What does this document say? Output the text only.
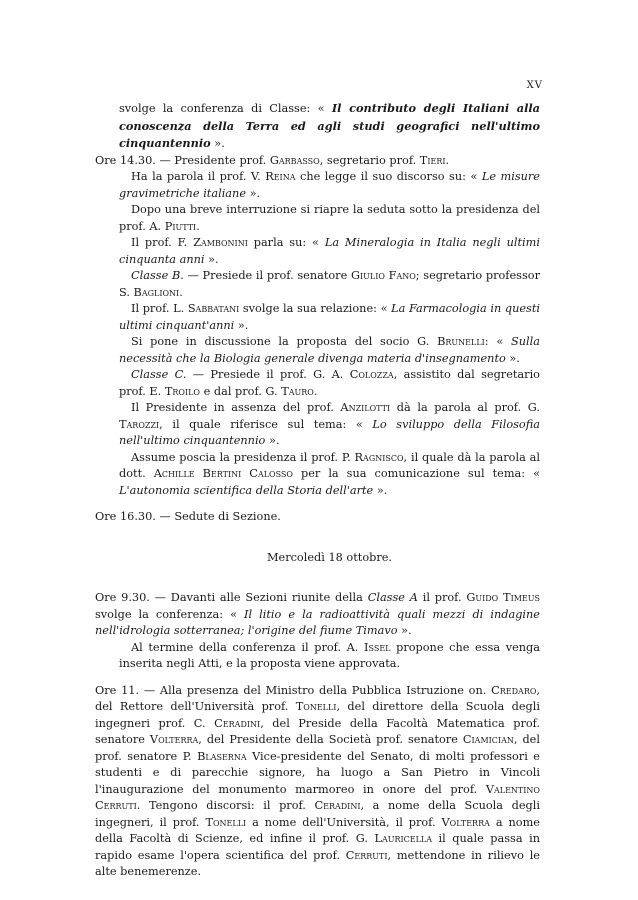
XV

svolge la conferenza di Classe: « Il contributo degli Italiani alla conoscenza della Terra ed agli studi geografici nell'ultimo cinquantennio ».

Ore 14.30. — Presidente prof. Garbasso, segretario prof. Tieri.

Ha la parola il prof. V. Reina che legge il suo discorso su: « Le misure gravimetriche italiane ».

Dopo una breve interruzione si riapre la seduta sotto la presidenza del prof. A. Piutti.

Il prof. F. Zambonini parla su: « La Mineralogia in Italia negli ultimi cinquanta anni ».

Classe B. — Presiede il prof. senatore Giulio Fano; segretario professor S. Baglioni.

Il prof. L. Sabbatani svolge la sua relazione: « La Farmacologia in questi ultimi cinquant'anni ».

Si pone in discussione la proposta del socio G. Brunelli: « Sulla necessità che la Biologia generale divenga materia d'insegnamento ».

Classe C. — Presiede il prof. G. A. Colozza, assistito dal segretario prof. E. Troilo e dal prof. G. Tauro.

Il Presidente in assenza del prof. Anzilotti dà la parola al prof. G. Tarozzi, il quale riferisce sul tema: « Lo sviluppo della Filosofia nell'ultimo cinquantennio ».

Assume poscia la presidenza il prof. P. Ragnisco, il quale dà la parola al dott. Achille Bertini Calosso per la sua comunicazione sul tema: « L'autonomia scientifica della Storia dell'arte ».

Ore 16.30. — Sedute di Sezione.

Mercoledì 18 ottobre.

Ore 9.30. — Davanti alle Sezioni riunite della Classe A il prof. Guido Timeus svolge la conferenza: « Il litio e la radioattività quali mezzi di indagine nell'idrologia sotterranea; l'origine del fiume Timavo ».

Al termine della conferenza il prof. A. Issel propone che essa venga inserita negli Atti, e la proposta viene approvata.

Ore 11. — Alla presenza del Ministro della Pubblica Istruzione on. Credaro, del Rettore dell'Università prof. Tonelli, del direttore della Scuola degli ingegneri prof. C. Ceradini, del Preside della Facoltà Matematica prof. senatore Volterra, del Presidente della Società prof. senatore Ciamician, del prof. senatore P. Blaserna Vice-presidente del Senato, di molti professori e studenti e di parecchie signore, ha luogo a San Pietro in Vincoli l'inaugurazione del monumento marmoreo in onore del prof. Valentino Cerruti. Tengono discorsi: il prof. Ceradini, a nome della Scuola degli ingegneri, il prof. Tonelli a nome dell'Università, il prof. Volterra a nome della Facoltà di Scienze, ed infine il prof. G. Lauricella il quale passa in rapido esame l'opera scientifica del prof. Cerruti, mettendone in rilievo le alte benemerenze.
